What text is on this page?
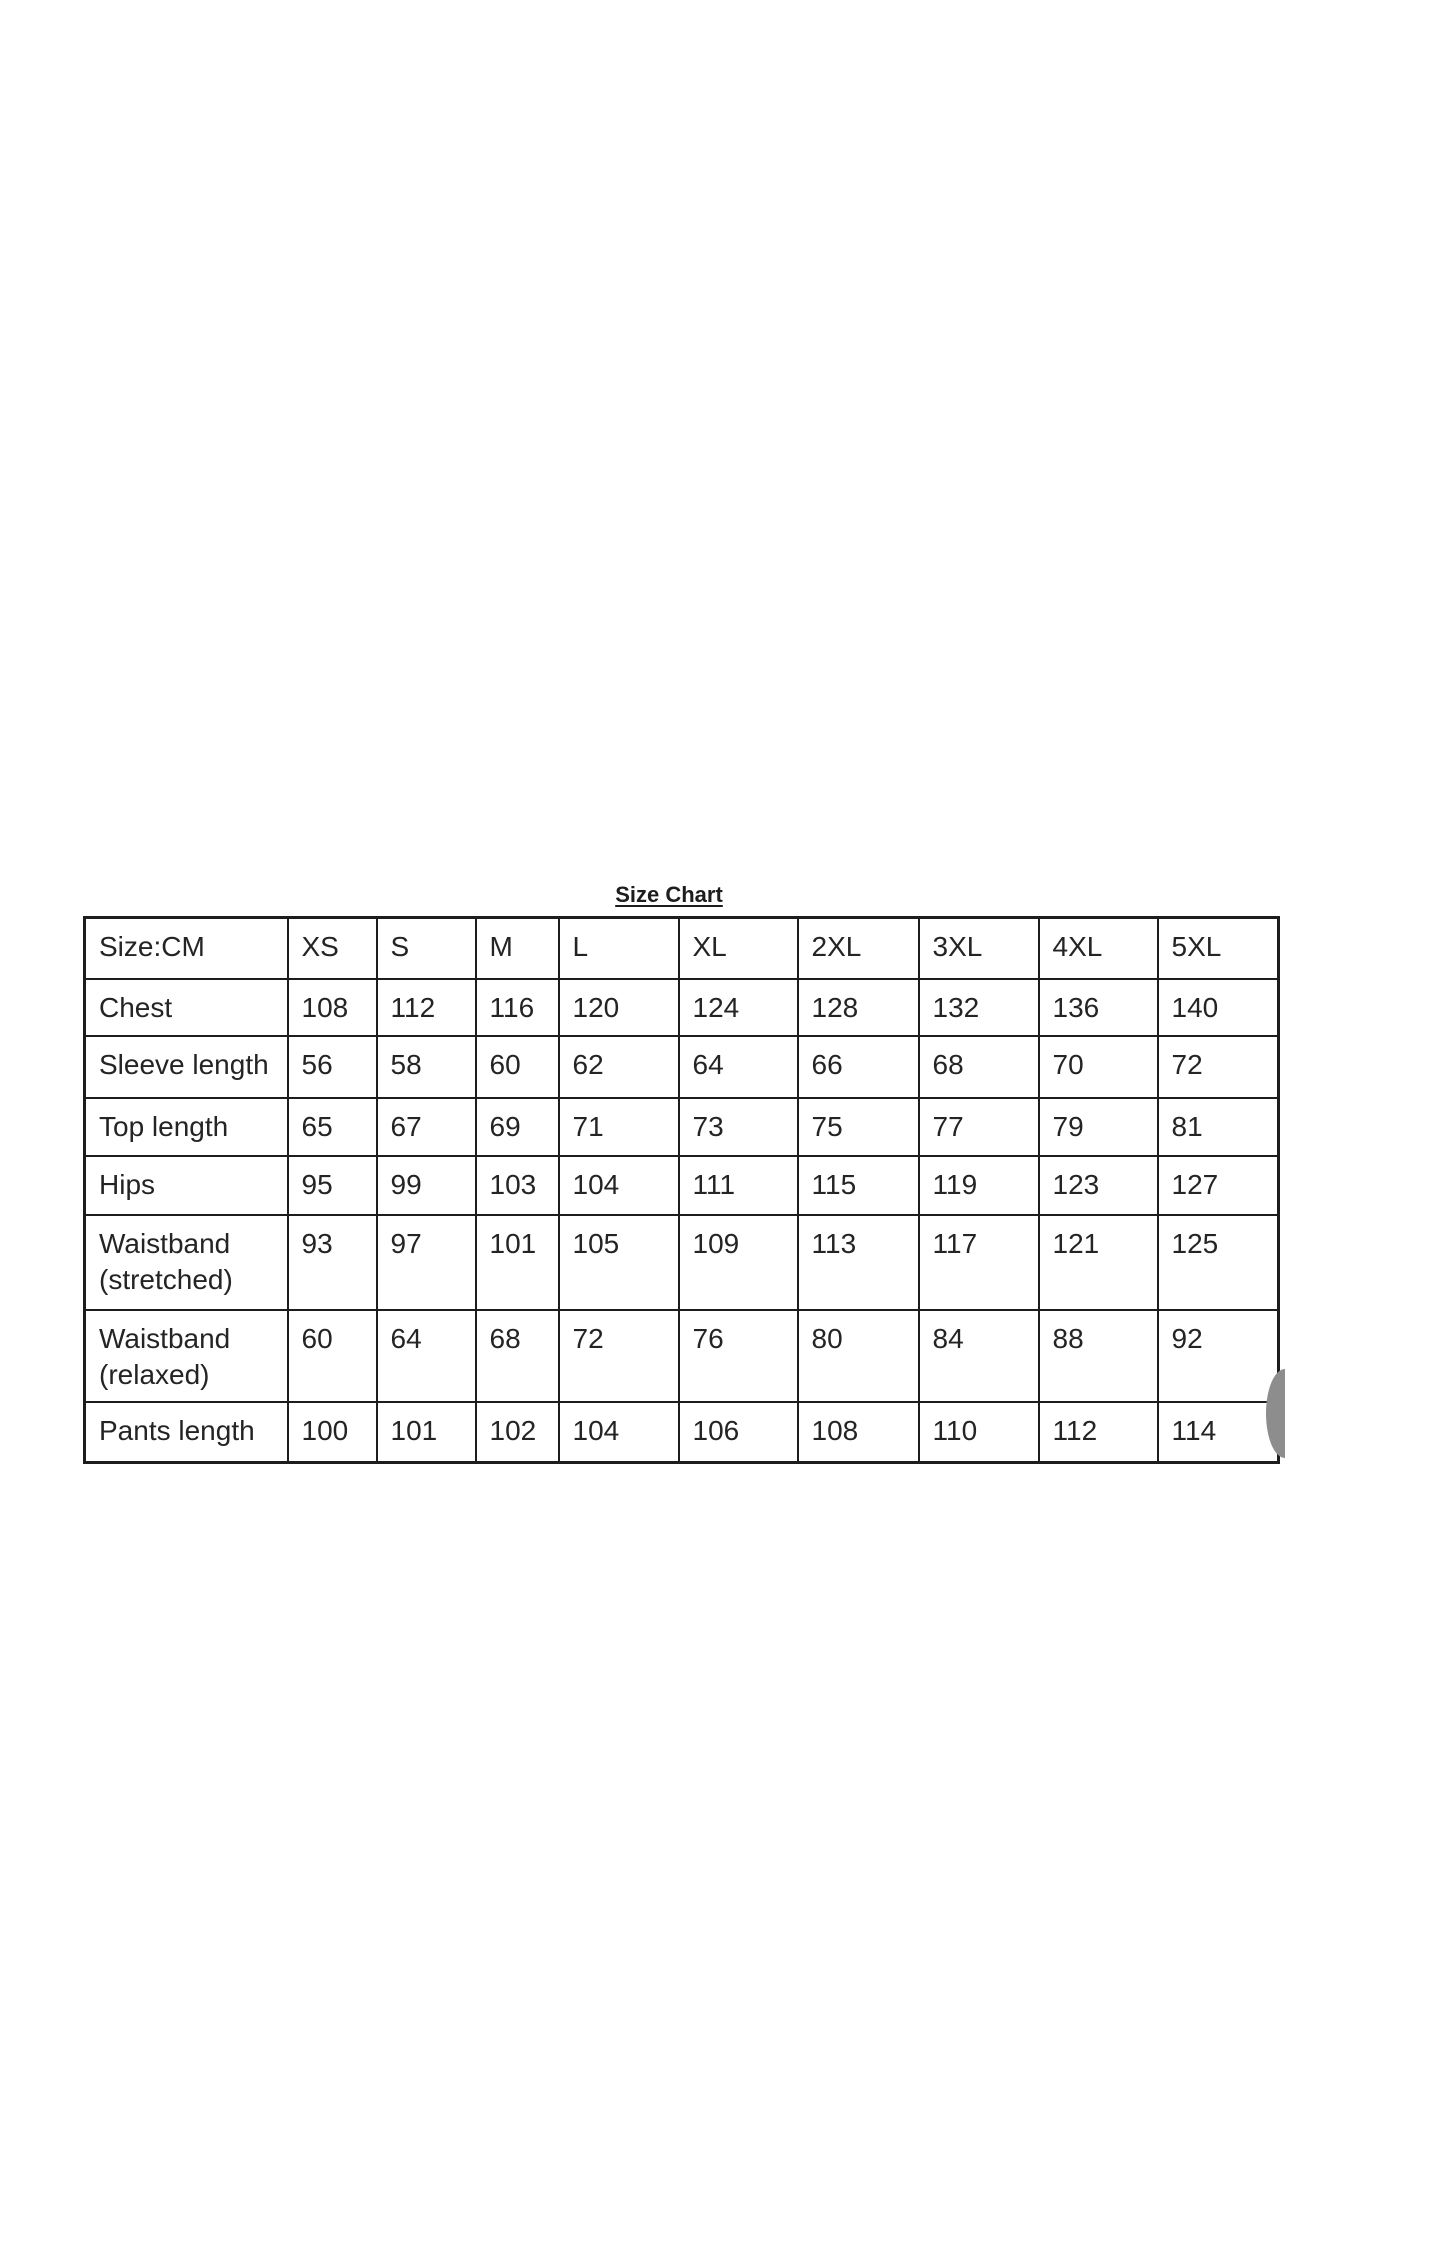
Size Chart
Size:CM	XS	S	M	L	XL	2XL	3XL	4XL	5XL
Chest	108	112	116	120	124	128	132	136	140
Sleeve length	56	58	60	62	64	66	68	70	72
Top length	65	67	69	71	73	75	77	79	81
Hips	95	99	103	104	111	115	119	123	127
Waistband (stretched)	93	97	101	105	109	113	117	121	125
Waistband (relaxed)	60	64	68	72	76	80	84	88	92
Pants length	100	101	102	104	106	108	110	112	114
